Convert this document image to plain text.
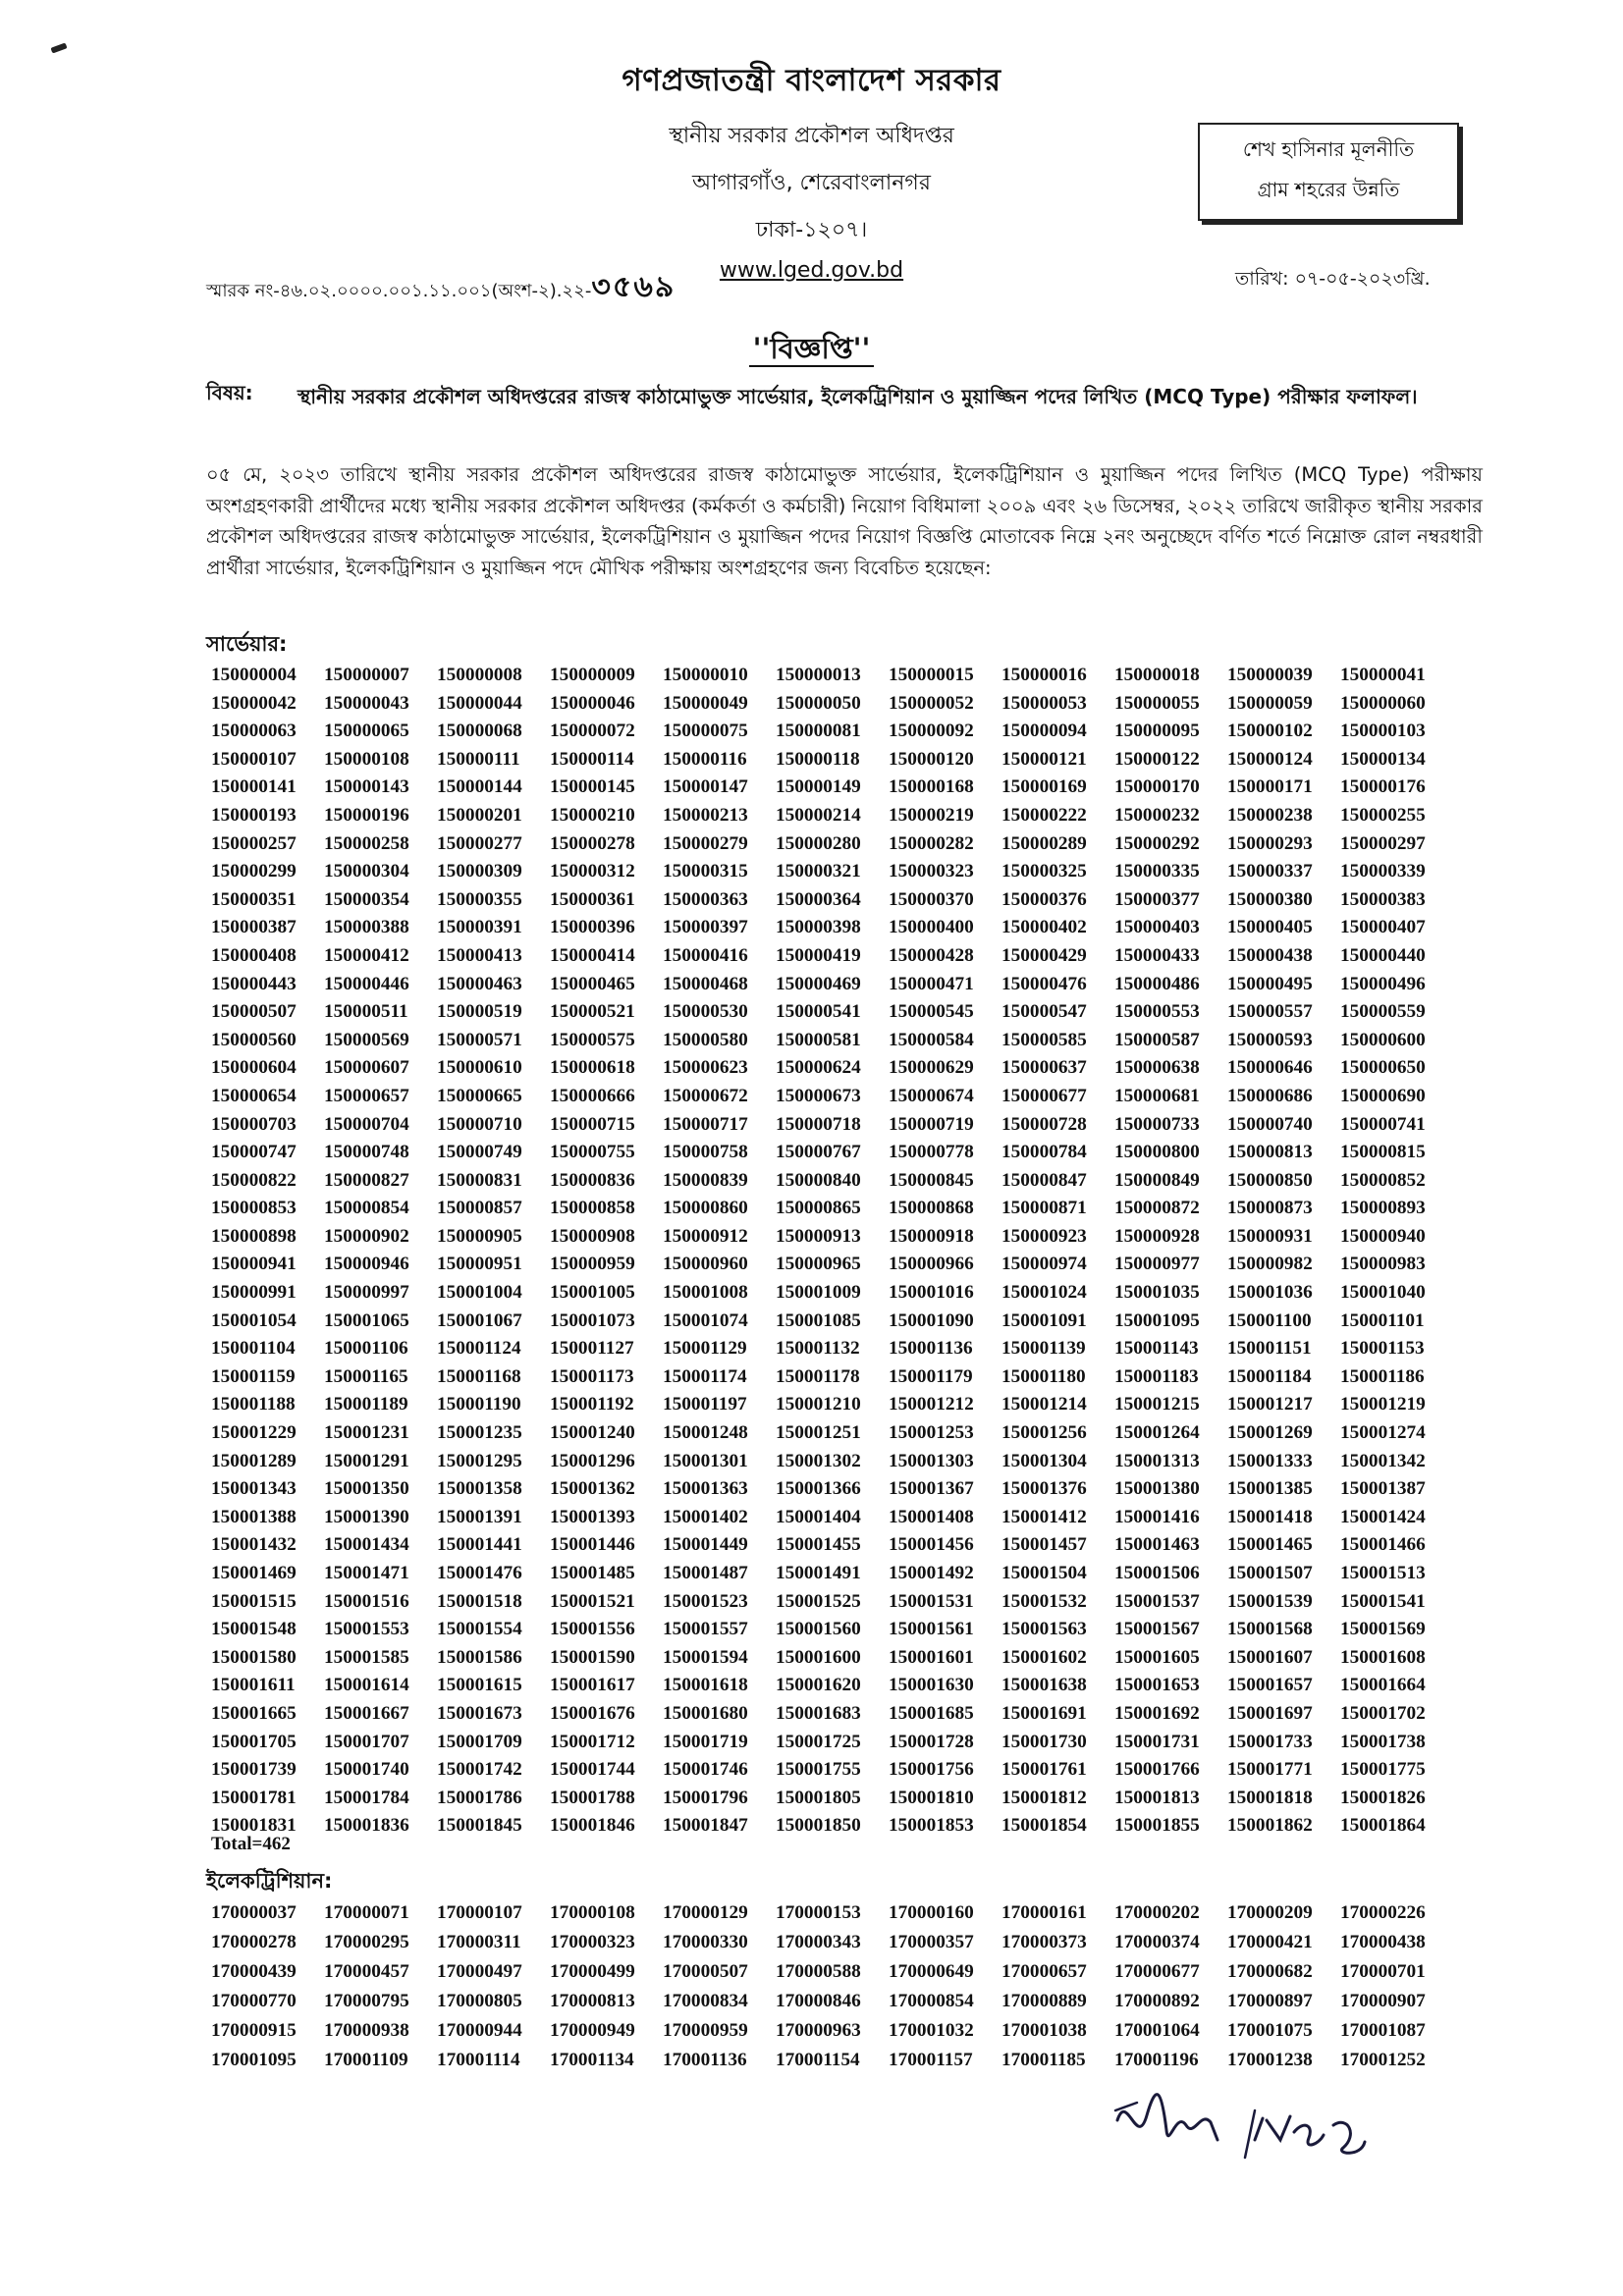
গণপ্রজাতন্ত্রী বাংলাদেশ সরকার
স্থানীয় সরকার প্রকৌশল অধিদপ্তর
আগারগাঁও, শেরেবাংলানগর
ঢাকা-১২০৭।
www.lged.gov.bd
শেখ হাসিনার মূলনীতি
গ্রাম শহরের উন্নতি
স্মারক নং-৪৬.০২.০০০০.০০১.১১.০০১(অংশ-২).২২-৩৫৬৯	তারিখ: ০৭-০৫-২০২৩খ্রি.
''বিজ্ঞপ্তি''
বিষয়: স্থানীয় সরকার প্রকৌশল অধিদপ্তরের রাজস্ব কাঠামোভুক্ত সার্ভেয়ার, ইলেকট্রিশিয়ান ও মুয়াজ্জিন পদের লিখিত (MCQ Type) পরীক্ষার ফলাফল।
০৫ মে, ২০২৩ তারিখে স্থানীয় সরকার প্রকৌশল অধিদপ্তরের রাজস্ব কাঠামোভুক্ত সার্ভেয়ার, ইলেকট্রিশিয়ান ও মুয়াজ্জিন পদের লিখিত (MCQ Type) পরীক্ষায় অংশগ্রহণকারী প্রার্থীদের মধ্যে স্থানীয় সরকার প্রকৌশল অধিদপ্তর (কর্মকর্তা ও কর্মচারী) নিয়োগ বিধিমালা ২০০৯ এবং ২৬ ডিসেম্বর, ২০২২ তারিখে জারীকৃত স্থানীয় সরকার প্রকৌশল অধিদপ্তরের রাজস্ব কাঠামোভুক্ত সার্ভেয়ার, ইলেকট্রিশিয়ান ও মুয়াজ্জিন পদের নিয়োগ বিজ্ঞপ্তি মোতাবেক নিম্নে ২নং অনুচ্ছেদে বর্ণিত শর্তে নিম্নোক্ত রোল নম্বরধারী প্রার্থীরা সার্ভেয়ার, ইলেকট্রিশিয়ান ও মুয়াজ্জিন পদে মৌখিক পরীক্ষায় অংশগ্রহণের জন্য বিবেচিত হয়েছেন:
সার্ভেয়ার:
150000004 150000007 150000008 150000009 150000010 150000013 150000015 150000016 150000018 150000039 150000041
150000042 150000043 150000044 150000046 150000049 150000050 150000052 150000053 150000055 150000059 150000060
150000063 150000065 150000068 150000072 150000075 150000081 150000092 150000094 150000095 150000102 150000103
150000107 150000108 150000111 150000114 150000116 150000118 150000120 150000121 150000122 150000124 150000134
150000141 150000143 150000144 150000145 150000147 150000149 150000168 150000169 150000170 150000171 150000176
150000193 150000196 150000201 150000210 150000213 150000214 150000219 150000222 150000232 150000238 150000255
150000257 150000258 150000277 150000278 150000279 150000280 150000282 150000289 150000292 150000293 150000297
150000299 150000304 150000309 150000312 150000315 150000321 150000323 150000325 150000335 150000337 150000339
150000351 150000354 150000355 150000361 150000363 150000364 150000370 150000376 150000377 150000380 150000383
150000387 150000388 150000391 150000396 150000397 150000398 150000400 150000402 150000403 150000405 150000407
150000408 150000412 150000413 150000414 150000416 150000419 150000428 150000429 150000433 150000438 150000440
150000443 150000446 150000463 150000465 150000468 150000469 150000471 150000476 150000486 150000495 150000496
150000507 150000511 150000519 150000521 150000530 150000541 150000545 150000547 150000553 150000557 150000559
150000560 150000569 150000571 150000575 150000580 150000581 150000584 150000585 150000587 150000593 150000600
150000604 150000607 150000610 150000618 150000623 150000624 150000629 150000637 150000638 150000646 150000650
150000654 150000657 150000665 150000666 150000672 150000673 150000674 150000677 150000681 150000686 150000690
150000703 150000704 150000710 150000715 150000717 150000718 150000719 150000728 150000733 150000740 150000741
150000747 150000748 150000749 150000755 150000758 150000767 150000778 150000784 150000800 150000813 150000815
150000822 150000827 150000831 150000836 150000839 150000840 150000845 150000847 150000849 150000850 150000852
150000853 150000854 150000857 150000858 150000860 150000865 150000868 150000871 150000872 150000873 150000893
150000898 150000902 150000905 150000908 150000912 150000913 150000918 150000923 150000928 150000931 150000940
150000941 150000946 150000951 150000959 150000960 150000965 150000966 150000974 150000977 150000982 150000983
150000991 150000997 150001004 150001005 150001008 150001009 150001016 150001024 150001035 150001036 150001040
150001054 150001065 150001067 150001073 150001074 150001085 150001090 150001091 150001095 150001100 150001101
150001104 150001106 150001124 150001127 150001129 150001132 150001136 150001139 150001143 150001151 150001153
150001159 150001165 150001168 150001173 150001174 150001178 150001179 150001180 150001183 150001184 150001186
150001188 150001189 150001190 150001192 150001197 150001210 150001212 150001214 150001215 150001217 150001219
150001229 150001231 150001235 150001240 150001248 150001251 150001253 150001256 150001264 150001269 150001274
150001289 150001291 150001295 150001296 150001301 150001302 150001303 150001304 150001313 150001333 150001342
150001343 150001350 150001358 150001362 150001363 150001366 150001367 150001376 150001380 150001385 150001387
150001388 150001390 150001391 150001393 150001402 150001404 150001408 150001412 150001416 150001418 150001424
150001432 150001434 150001441 150001446 150001449 150001455 150001456 150001457 150001463 150001465 150001466
150001469 150001471 150001476 150001485 150001487 150001491 150001492 150001504 150001506 150001507 150001513
150001515 150001516 150001518 150001521 150001523 150001525 150001531 150001532 150001537 150001539 150001541
150001548 150001553 150001554 150001556 150001557 150001560 150001561 150001563 150001567 150001568 150001569
150001580 150001585 150001586 150001590 150001594 150001600 150001601 150001602 150001605 150001607 150001608
150001611 150001614 150001615 150001617 150001618 150001620 150001630 150001638 150001653 150001657 150001664
150001665 150001667 150001673 150001676 150001680 150001683 150001685 150001691 150001692 150001697 150001702
150001705 150001707 150001709 150001712 150001719 150001725 150001728 150001730 150001731 150001733 150001738
150001739 150001740 150001742 150001744 150001746 150001755 150001756 150001761 150001766 150001771 150001775
150001781 150001784 150001786 150001788 150001796 150001805 150001810 150001812 150001813 150001818 150001826
150001831 150001836 150001845 150001846 150001847 150001850 150001853 150001854 150001855 150001862 150001864
Total=462
ইলেকট্রিশিয়ান:
170000037 170000071 170000107 170000108 170000129 170000153 170000160 170000161 170000202 170000209 170000226
170000278 170000295 170000311 170000323 170000330 170000343 170000357 170000373 170000374 170000421 170000438
170000439 170000457 170000497 170000499 170000507 170000588 170000649 170000657 170000677 170000682 170000701
170000770 170000795 170000805 170000813 170000834 170000846 170000854 170000889 170000892 170000897 170000907
170000915 170000938 170000944 170000949 170000959 170000963 170001032 170001038 170001064 170001075 170001087
170001095 170001109 170001114 170001134 170001136 170001154 170001157 170001185 170001196 170001238 170001252
